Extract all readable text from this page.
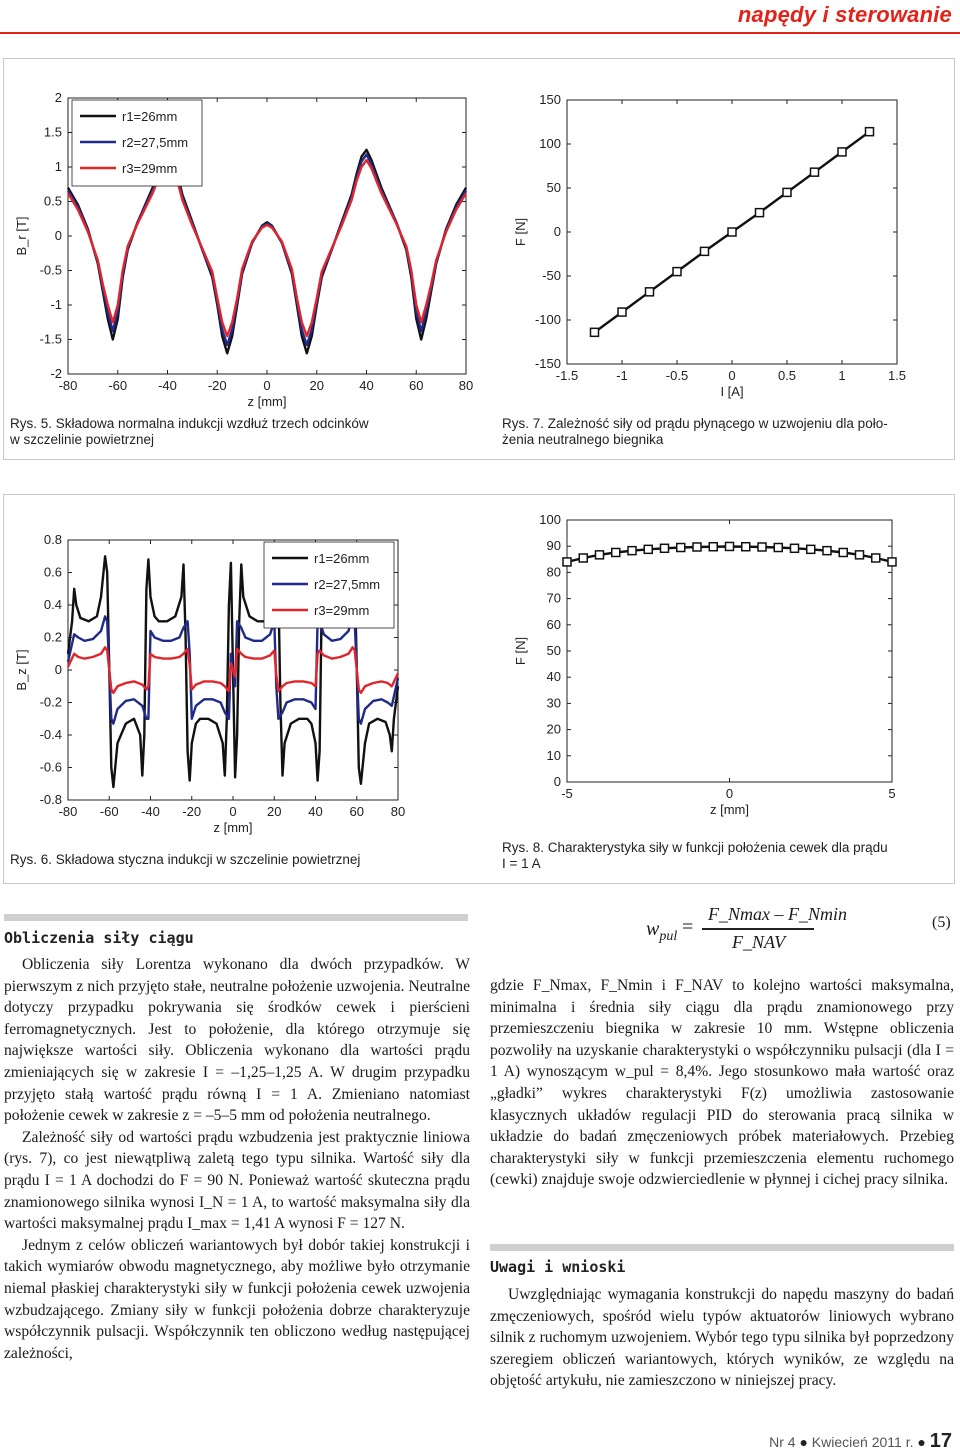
napędy i sterowanie
-80 -60 -40 -20	0	20	40	60	80
2
1.5
1
0.5
0
-0.5
-1
-1.5
-2
z [mm]
B_r [T]
r1=26mm
r2=27,5mm
r3=29mm
-1.5	-1	-0.5	0	0.5	1	1.5
150
100
50
0
-50
-100
-150
I [A]
F [N]
-80 -60 -40 -20 0 20 40 60 80
0.8
0.6
0.4
0.2
0
-0.2
-0.4
-0.6
-0.8
z [mm]
B_z [T]
r1=26mm
r2=27,5mm
r3=29mm
-5	0	5
100
90
80
70
60
50
40
30
20
10
0
z [mm]
F [N]
Rys. 5. Składowa normalna indukcji wzdłuż trzech odcinków
w szczelinie powietrznej
Rys. 7. Zależność siły od prądu płynącego w uzwojeniu dla poło-
żenia neutralnego biegnika
Rys. 6. Składowa styczna indukcji w szczelinie powietrznej
Rys. 8. Charakterystyka siły w funkcji położenia cewek dla prądu
I = 1 A
Obliczenia siły ciągu

Obliczenia siły Lorentza wykonano dla dwóch przypadków. W pierwszym z nich przyjęto stałe, neutralne położenie uzwojenia. Neutralne dotyczy przypadku pokrywania się środków cewek i pierścieni ferromagnetycznych. Jest to położenie, dla którego otrzymuje się największe wartości siły. Obliczenia wykonano dla wartości prądu zmieniających się w zakresie I = –1,25–1,25 A. W drugim przypadku przyjęto stałą wartość prądu równą I = 1 A. Zmieniano natomiast położenie cewek w zakresie z = –5–5 mm od położenia neutralnego.

Zależność siły od wartości prądu wzbudzenia jest praktycznie liniowa (rys. 7), co jest niewątpliwą zaletą tego typu silnika. Wartość siły dla prądu I = 1 A dochodzi do F = 90 N. Ponieważ wartość skuteczna prądu znamionowego silnika wynosi I_N = 1 A, to wartość maksymalna siły dla wartości maksymalnej prądu I_max = 1,41 A wynosi F = 127 N.

Jednym z celów obliczeń wariantowych był dobór takiej konstrukcji i takich wymiarów obwodu magnetycznego, aby możliwe było otrzymanie niemal płaskiej charakterystyki siły w funkcji położenia cewek uzwojenia wzbudzającego. Zmiany siły w funkcji położenia dobrze charakteryzuje współczynnik pulsacji. Współczynnik ten obliczono według następującej zależności,

$w_{pul}$ =
F_Nmax – F_Nmin
F_NAV
(5)

gdzie F_Nmax, F_Nmin i F_NAV to kolejno wartości maksymalna, minimalna i średnia siły ciągu dla prądu znamionowego przy przemieszczeniu biegnika w zakresie 10 mm. Wstępne obliczenia pozwoliły na uzyskanie charakterystyki o współczynniku pulsacji (dla I = 1 A) wynoszącym w_pul = 8,4%. Jego stosunkowo mała wartość oraz „gładki” wykres charakterystyki F(z) umożliwia zastosowanie klasycznych układów regulacji PID do sterowania pracą silnika w układzie do badań zmęczeniowych próbek materiałowych. Przebieg charakterystyki siły w funkcji przemieszczenia elementu ruchomego (cewki) znajduje swoje odzwierciedlenie w płynnej i cichej pracy silnika.

Uwagi i wnioski

Uwzględniając wymagania konstrukcji do napędu maszyny do badań zmęczeniowych, spośród wielu typów aktuatorów liniowych wybrano silnik z ruchomym uzwojeniem. Wybór tego typu silnika był poprzedzony szeregiem obliczeń wariantowych, których wyników, ze względu na objętość artykułu, nie zamieszczono w niniejszej pracy.

Nr 4 ● Kwiecień 2011 r. ● 17
